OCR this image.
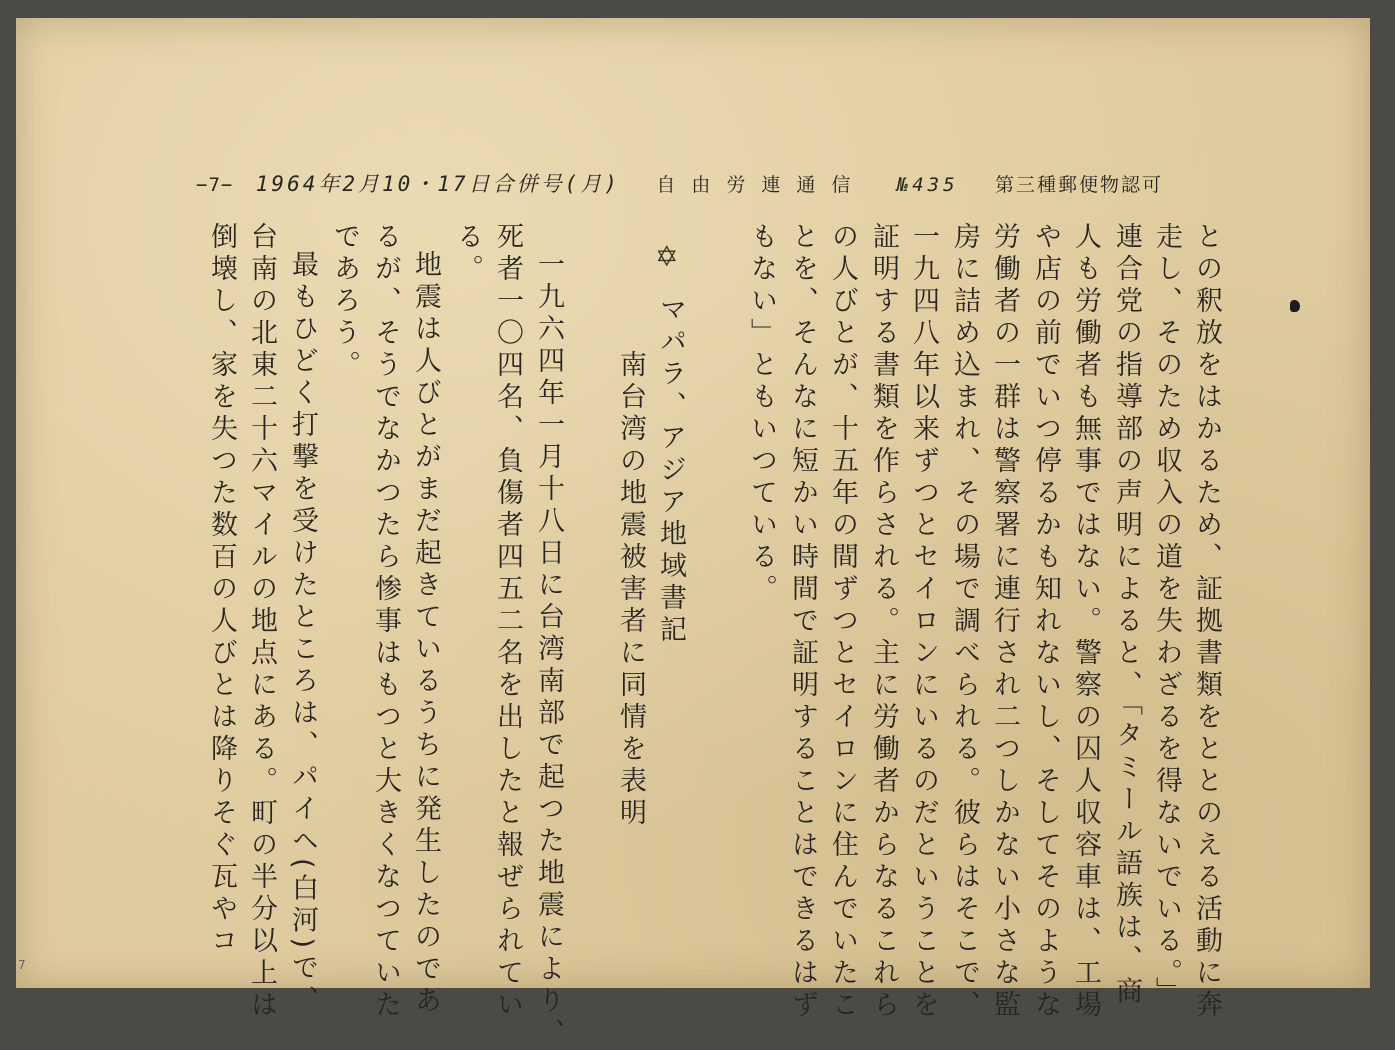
−7− 1964年2月10・17日合併号(月) 自由労連通信 №435 第三種郵便物認可
との釈放をはかるため、証拠書類をととのえる活動に奔
走し、そのため収入の道を失わざるを得ないでいる。」
連合党の指導部の声明によると、「タミール語族は、商
人も労働者も無事ではない。警察の囚人収容車は、工場
や店の前でいつ停るかも知れないし、そしてそのような
労働者の一群は警察署に連行され二つしかない小さな監
房に詰め込まれ、その場で調べられる。彼らはそこで、
一九四八年以来ずつとセイロンにいるのだということを
証明する書類を作らされる。主に労働者からなるこれら
の人びとが、十五年の間ずつとセイロンに住んでいたこ
とを、そんなに短かい時間で証明することはできるはず
もない」ともいつている。
✡
マパラ、アジア地域書記
南台湾の地震被害者に同情を表明
一九六四年一月十八日に台湾南部で起つた地震により、
死者一〇四名、負傷者四五二名を出したと報ぜられてい
る。
地震は人びとがまだ起きているうちに発生したのであ
るが、そうでなかつたら惨事はもつと大きくなつていた
であろう。
最もひどく打撃を受けたところは、パイヘ(白河)で、
台南の北東二十六マイルの地点にある。町の半分以上は
倒壊し、家を失つた数百の人びとは降りそぐ瓦やコ
7
